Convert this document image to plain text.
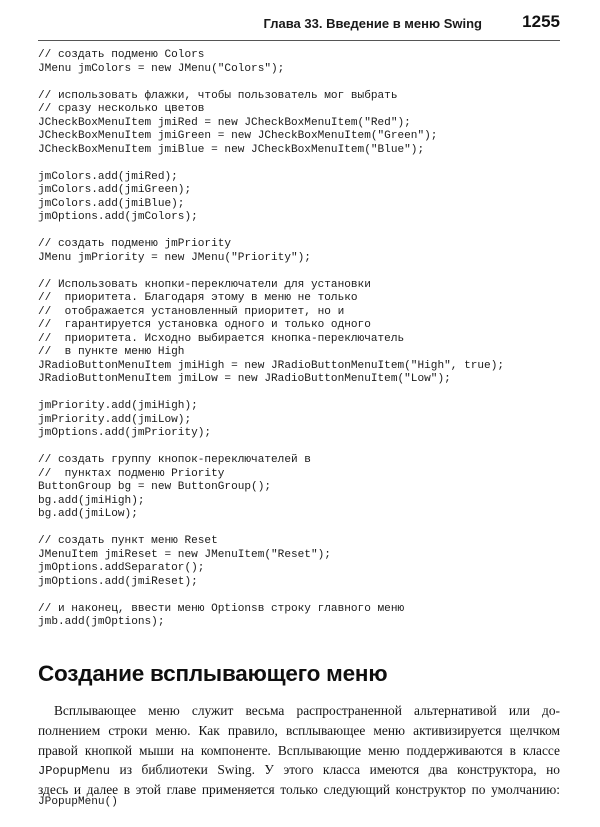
Глава 33. Введение в меню Swing 1255
// создать подменю Colors
JMenu jmColors = new JMenu("Colors");
// использовать флажки, чтобы пользователь мог выбрать
// сразу несколько цветов
JCheckBoxMenuItem jmiRed = new JCheckBoxMenuItem("Red");
JCheckBoxMenuItem jmiGreen = new JCheckBoxMenuItem("Green");
JCheckBoxMenuItem jmiBlue = new JCheckBoxMenuItem("Blue");
jmColors.add(jmiRed);
jmColors.add(jmiGreen);
jmColors.add(jmiBlue);
jmOptions.add(jmColors);
// создать подменю jmPriority
JMenu jmPriority = new JMenu("Priority");
// Использовать кнопки-переключатели для установки
//  приоритета. Благодаря этому в меню не только
//  отображается установленный приоритет, но и
//  гарантируется установка одного и только одного
//  приоритета. Исходно выбирается кнопка-переключатель
//  в пункте меню High
JRadioButtonMenuItem jmiHigh = new JRadioButtonMenuItem("High", true);
JRadioButtonMenuItem jmiLow = new JRadioButtonMenuItem("Low");
jmPriority.add(jmiHigh);
jmPriority.add(jmiLow);
jmOptions.add(jmPriority);
// создать группу кнопок-переключателей в
//  пунктах подменю Priority
ButtonGroup bg = new ButtonGroup();
bg.add(jmiHigh);
bg.add(jmiLow);
// создать пункт меню Reset
JMenuItem jmiReset = new JMenuItem("Reset");
jmOptions.addSeparator();
jmOptions.add(jmiReset);
// и наконец, ввести меню Optionsв строку главного меню
jmb.add(jmOptions);
Создание всплывающего меню
Всплывающее меню служит весьма распространенной альтернативой или до-
полнением строки меню. Как правило, всплывающее меню активизируется щелчком
правой кнопкой мыши на компоненте. Всплывающие меню поддерживаются в классе
JPopupMenu из библиотеки Swing. У этого класса имеются два конструктора, но
здесь и далее в этой главе применяется только следующий конструктор по умолчанию:
JPopupMenu()
